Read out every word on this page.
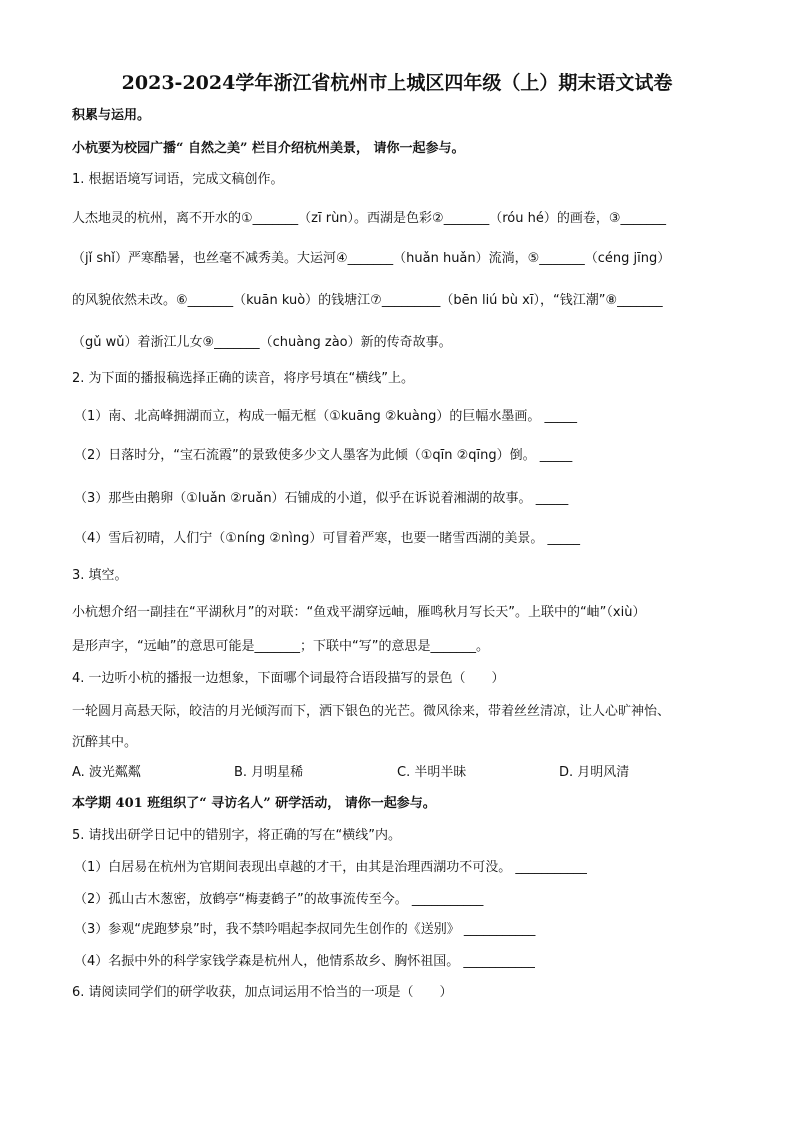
2023-2024学年浙江省杭州市上城区四年级（上）期末语文试卷
积累与运用。
小杭要为校园广播“ 自然之美” 栏目介绍杭州美景， 请你一起参与。
1. 根据语境写词语，完成文稿创作。
人杰地灵的杭州，离不开水的①_______（zī rùn）。西湖是色彩②_______（róu hé）的画卷，③_______
（jǐ shǐ）严寒酷暑，也丝毫不减秀美。大运河④_______（huǎn huǎn）流淌，⑤_______（céng jīng）
的风貌依然未改。⑥_______（kuān kuò）的钱塘江⑦_________（bēn liú bù xī），“钱江潮”⑧_______
（gǔ wǔ）着浙江儿女⑨_______（chuàng zào）新的传奇故事。
2. 为下面的播报稿选择正确的读音，将序号填在“横线”上。
（1）南、北高峰拥湖而立，构成一幅无框（①kuāng ②kuàng）的巨幅水墨画。 _____
（2）日落时分，“宝石流霞”的景致使多少文人墨客为此倾（①qīn ②qīng）倒。 _____
（3）那些由鹅卵（①luǎn ②ruǎn）石铺成的小道，似乎在诉说着湘湖的故事。 _____
（4）雪后初晴，人们宁（①níng ②nìng）可冒着严寒，也要一睹雪西湖的美景。 _____
3. 填空。
小杭想介绍一副挂在“平湖秋月”的对联：“鱼戏平湖穿远岫，雁鸣秋月写长天”。上联中的“岫”（xiù）
是形声字，“远岫”的意思可能是_______；下联中“写”的意思是_______。
4. 一边听小杭的播报一边想象，下面哪个词最符合语段描写的景色（　　）
一轮圆月高悬天际，皎洁的月光倾泻而下，洒下银色的光芒。微风徐来，带着丝丝清凉，让人心旷神怡、
沉醉其中。
A. 波光粼粼	B. 月明星稀	C. 半明半昧	D. 月明风清
本学期 401 班组织了“ 寻访名人” 研学活动， 请你一起参与。
5. 请找出研学日记中的错别字，将正确的写在“横线”内。
（1）白居易在杭州为官期间表现出卓越的才干，由其是治理西湖功不可没。 ___________
（2）孤山古木葱密，放鹤亭“梅妻鹤子”的故事流传至今。 ___________
（3）参观“虎跑梦泉”时，我不禁吟唱起李叔同先生创作的《送别》 ___________
（4）名振中外的科学家钱学森是杭州人，他情系故乡、胸怀祖国。 ___________
6. 请阅读同学们的研学收获，加点词运用不恰当的一项是（　　）
